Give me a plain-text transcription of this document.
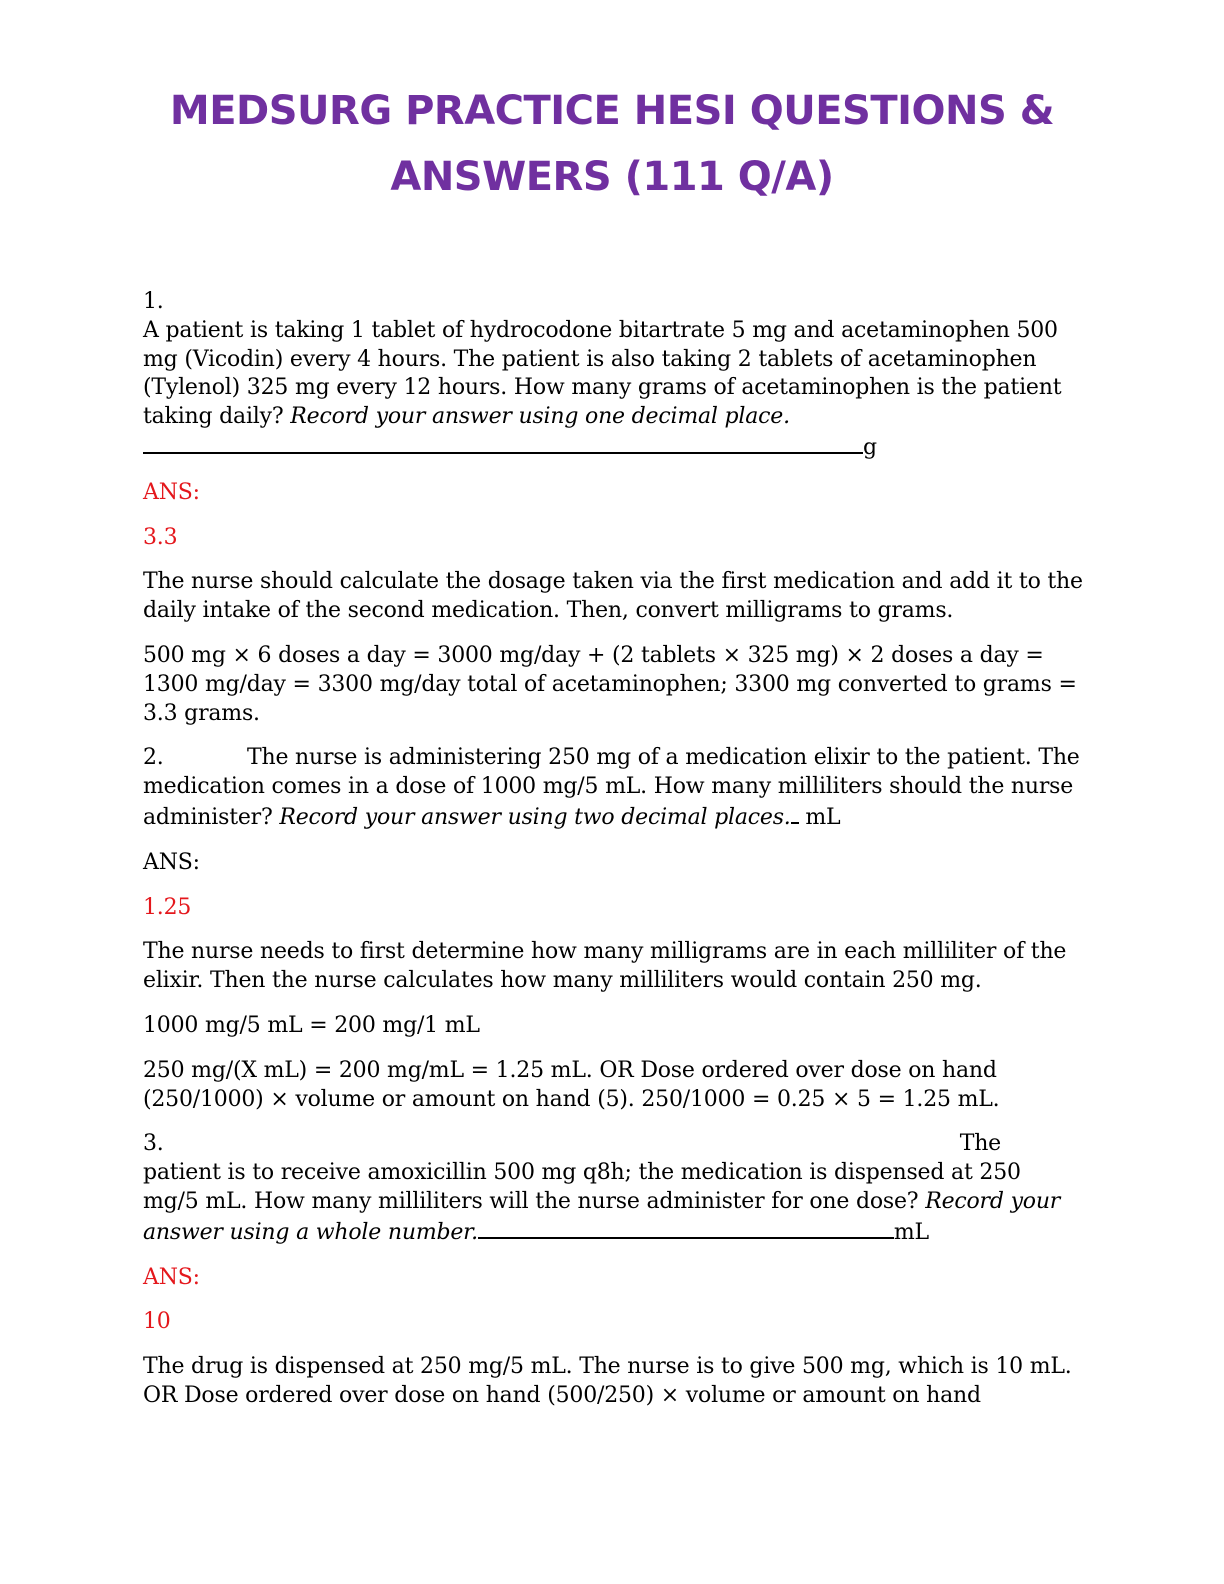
MEDSURG PRACTICE HESI QUESTIONS &
ANSWERS (111 Q/A)

1.
A patient is taking 1 tablet of hydrocodone bitartrate 5 mg and acetaminophen 500 mg (Vicodin) every 4 hours. The patient is also taking 2 tablets of acetaminophen (Tylenol) 325 mg every 12 hours. How many grams of acetaminophen is the patient taking daily? Record your answer using one decimal place.g

ANS:

3.3

The nurse should calculate the dosage taken via the first medication and add it to the daily intake of the second medication. Then, convert milligrams to grams.

500 mg × 6 doses a day = 3000 mg/day + (2 tablets × 325 mg) × 2 doses a day = 1300 mg/day = 3300 mg/day total of acetaminophen; 3300 mg converted to grams = 3.3 grams.

2.	The nurse is administering 250 mg of a medication elixir to the patient. The medication comes in a dose of 1000 mg/5 mL. How many milliliters should the nurse administer? Record your answer using two decimal places. mL

ANS:

1.25

The nurse needs to first determine how many milligrams are in each milliliter of the elixir. Then the nurse calculates how many milliliters would contain 250 mg.

1000 mg/5 mL = 200 mg/1 mL

250 mg/(X mL) = 200 mg/mL = 1.25 mL. OR Dose ordered over dose on hand (250/1000) × volume or amount on hand (5). 250/1000 = 0.25 × 5 = 1.25 mL.

3.	The
patient is to receive amoxicillin 500 mg q8h; the medication is dispensed at 250 mg/5 mL. How many milliliters will the nurse administer for one dose? Record your answer using a whole number.	mL

ANS:

10

The drug is dispensed at 250 mg/5 mL. The nurse is to give 500 mg, which is 10 mL. OR Dose ordered over dose on hand (500/250) × volume or amount on hand
